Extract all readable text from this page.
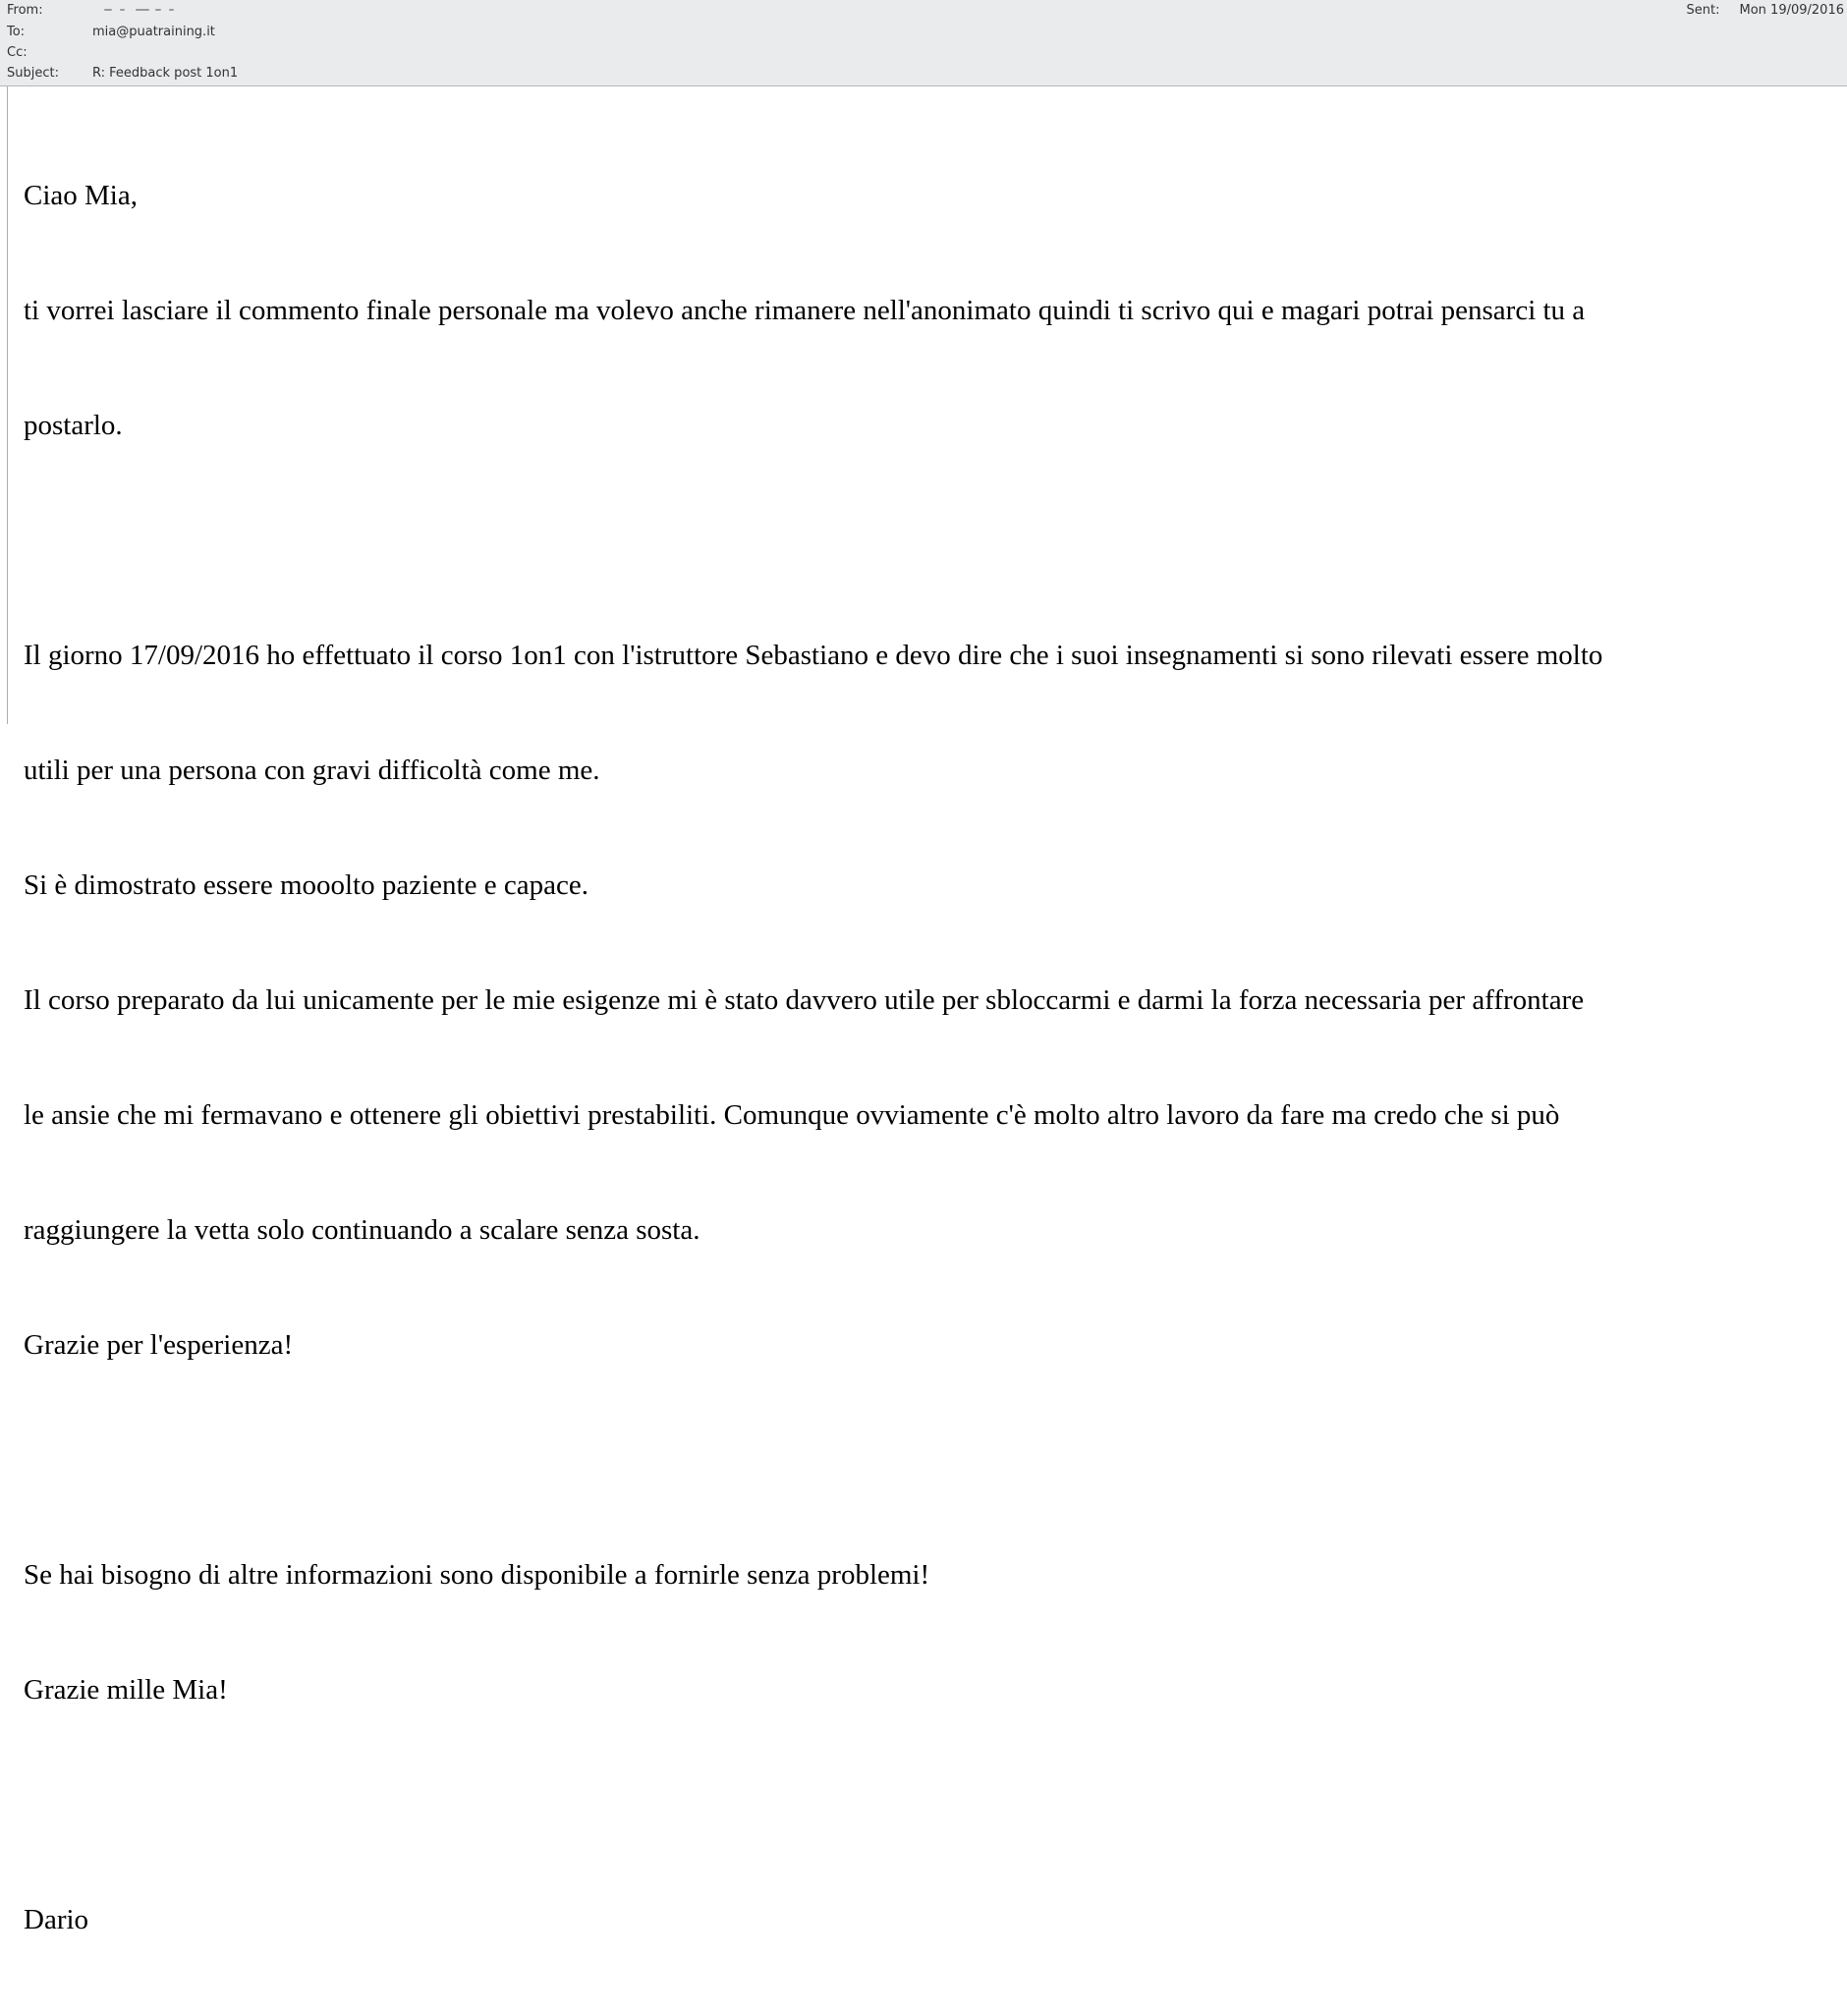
From:	Sent: Mon 19/09/2016
To:	mia@puatraining.it
Cc:
Subject:	R: Feedback post 1on1

Ciao Mia,

ti vorrei lasciare il commento finale personale ma volevo anche rimanere nell'anonimato quindi ti scrivo qui e magari potrai pensarci tu a

postarlo.

Il giorno 17/09/2016 ho effettuato il corso 1on1 con l'istruttore Sebastiano e devo dire che i suoi insegnamenti si sono rilevati essere molto

utili per una persona con gravi difficoltà come me.

Si è dimostrato essere mooolto paziente e capace.

Il corso preparato da lui unicamente per le mie esigenze mi è stato davvero utile per sbloccarmi e darmi la forza necessaria per affrontare

le ansie che mi fermavano e ottenere gli obiettivi prestabiliti. Comunque ovviamente c'è molto altro lavoro da fare ma credo che si può

raggiungere la vetta solo continuando a scalare senza sosta.

Grazie per l'esperienza!

Se hai bisogno di altre informazioni sono disponibile a fornirle senza problemi!

Grazie mille Mia!

Dario
